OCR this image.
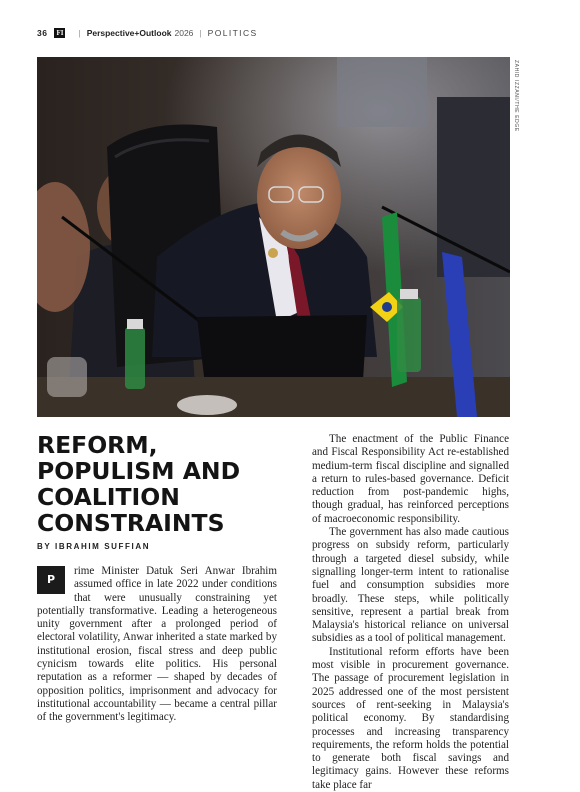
36 FI | Perspective+Outlook 2026 | POLITICS
ZAHID IZZANI/THE EDGE
REFORM, POPULISM AND COALITION CONSTRAINTS
BY IBRAHIM SUFFIAN

P
rime Minister Datuk Seri Anwar Ibrahim assumed office in late 2022 under conditions that were unusually constraining yet potentially transformative. Leading a heterogeneous unity government after a prolonged period of electoral volatility, Anwar inherited a state marked by institutional erosion, fiscal stress and deep public cynicism towards elite politics. His personal reputation as a reformer — shaped by decades of opposition politics, imprisonment and advocacy for institutional accountability — became a central pillar of the government's legitimacy.

The enactment of the Public Finance and Fiscal Responsibility Act re-established medium-term fiscal discipline and signalled a return to rules-based governance. Deficit reduction from post-pandemic highs, though gradual, has reinforced perceptions of macroeconomic responsibility.

The government has also made cautious progress on subsidy reform, particularly through a targeted diesel subsidy, while signalling longer-term intent to rationalise fuel and consumption subsidies more broadly. These steps, while politically sensitive, represent a partial break from Malaysia's historical reliance on universal subsidies as a tool of political management.

Institutional reform efforts have been most visible in procurement governance. The passage of procurement legislation in 2025 addressed one of the most persistent sources of rent-seeking in Malaysia's political economy. By standardising processes and increasing transparency requirements, the reform holds the potential to generate both fiscal savings and legitimacy gains. However these reforms take place far
